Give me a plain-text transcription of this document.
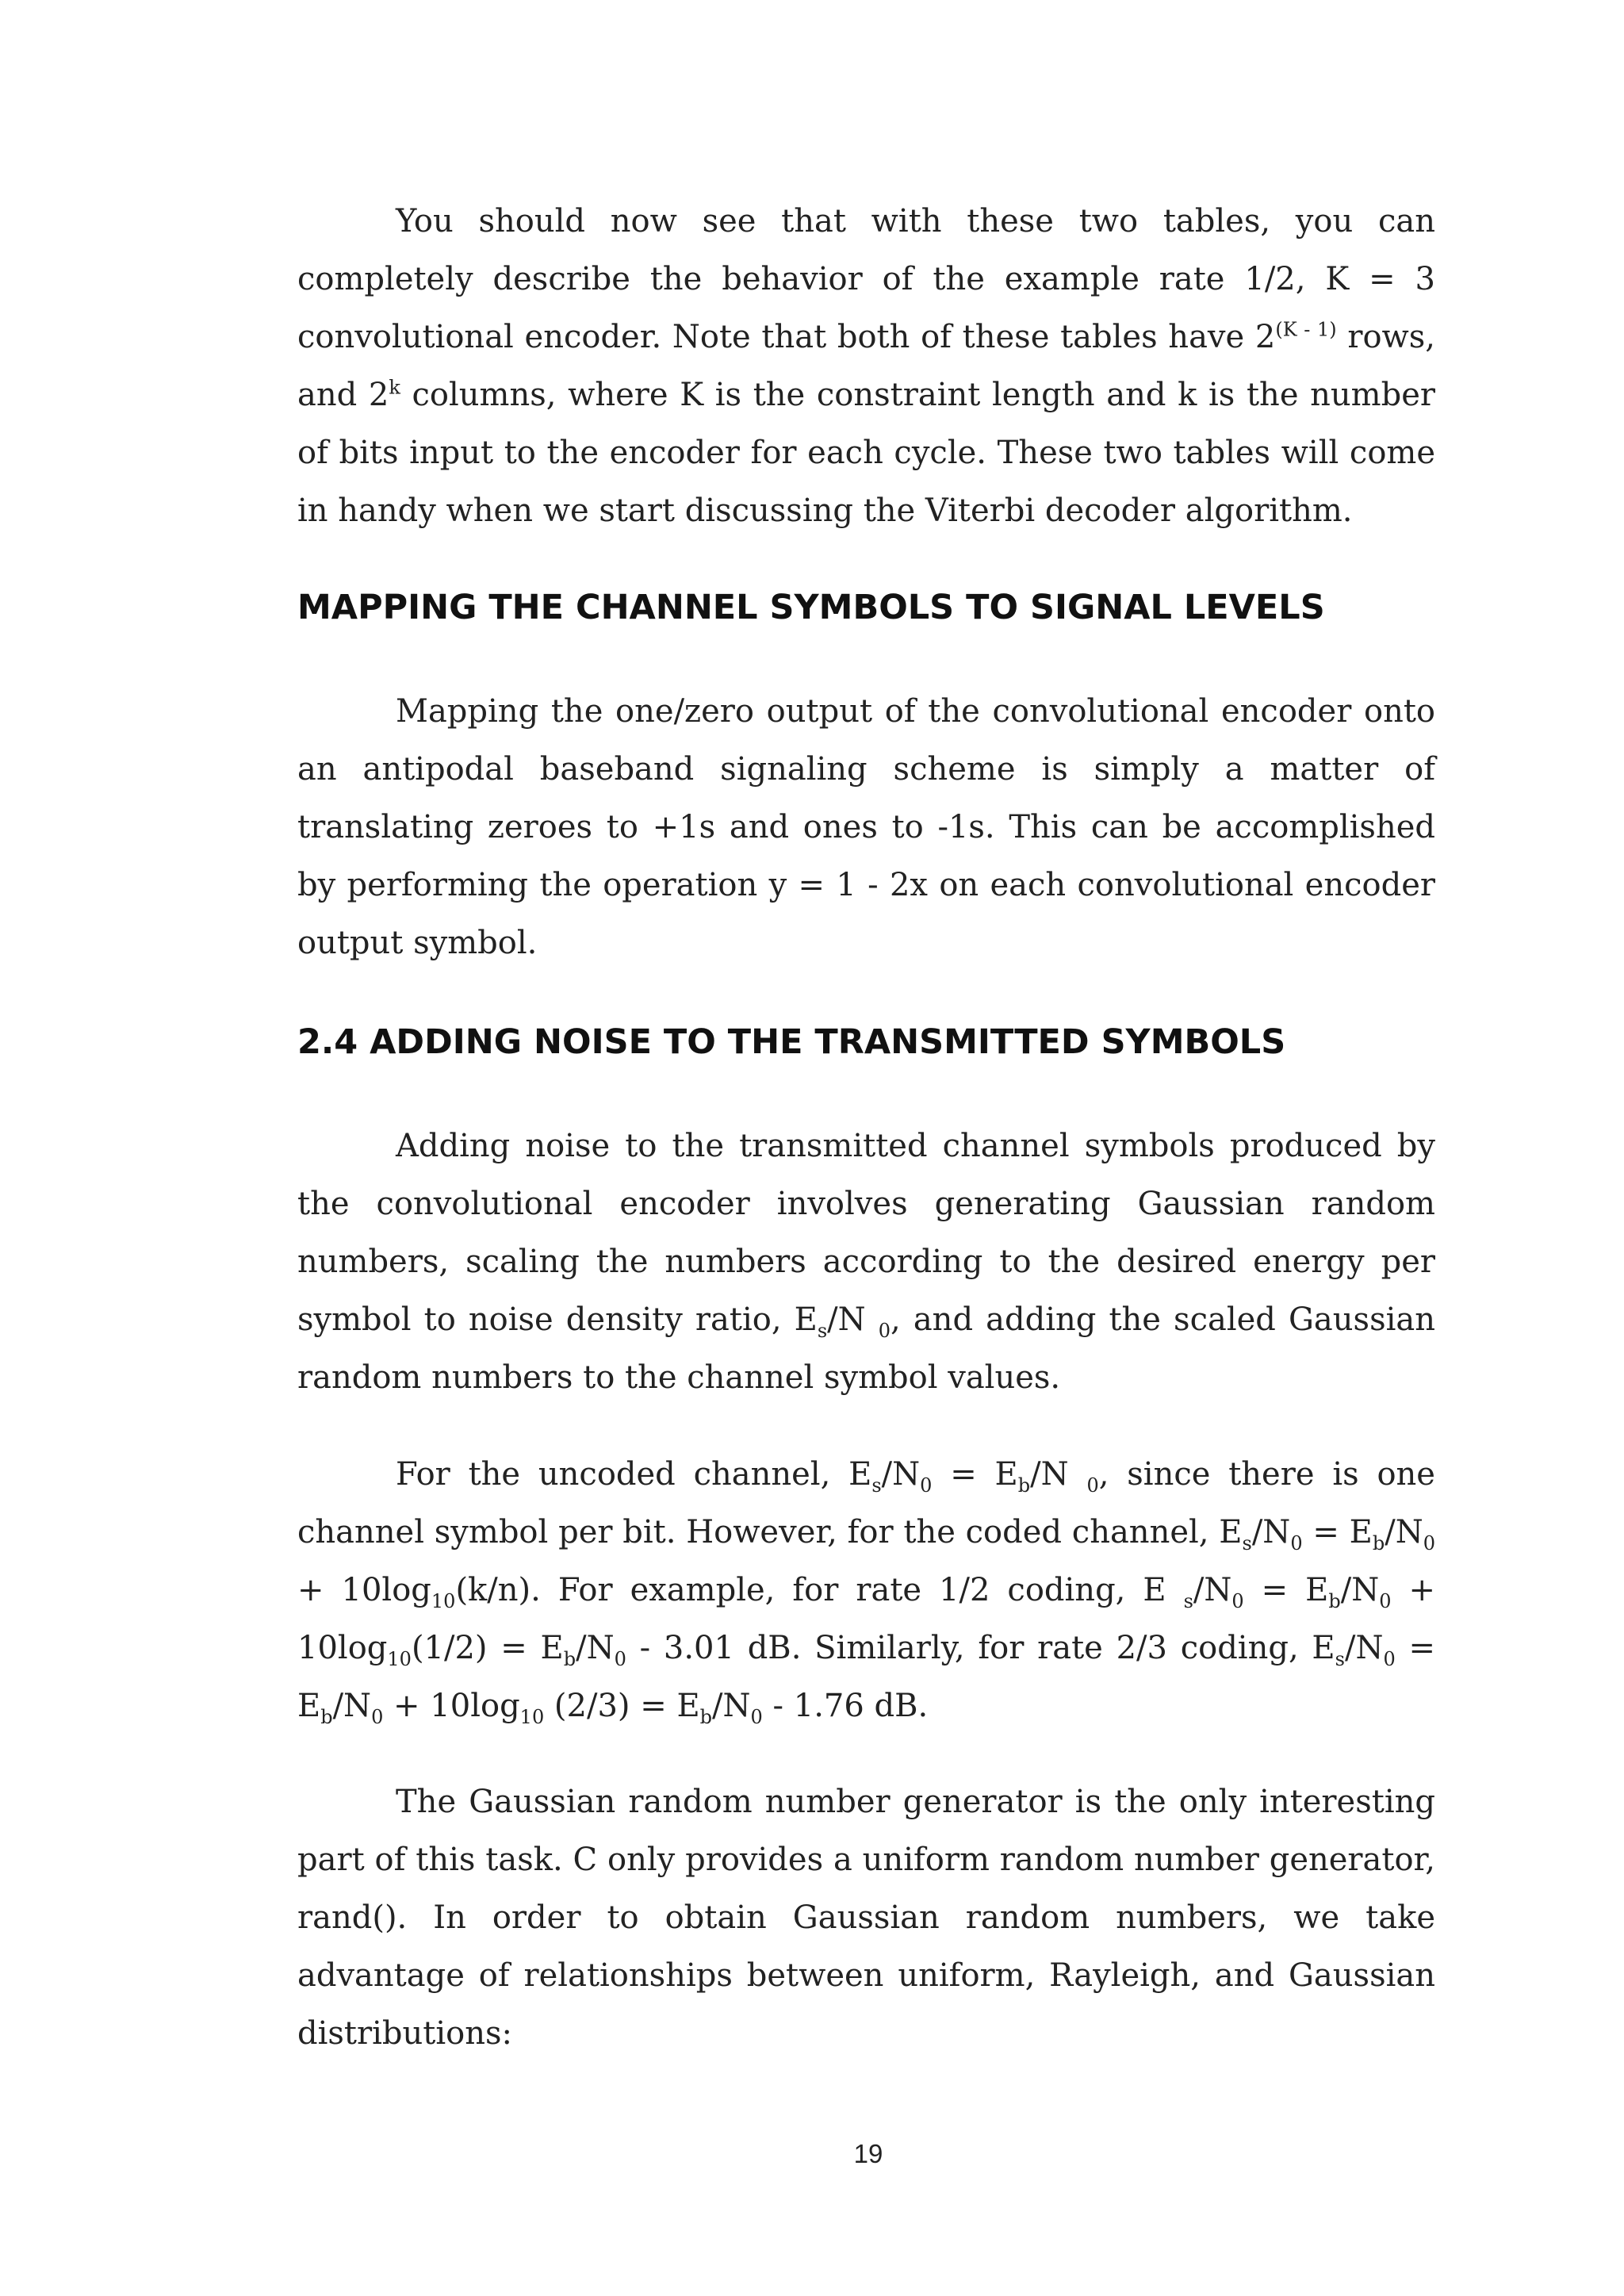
You should now see that with these two tables, you can completely describe the behavior of the example rate 1/2, K = 3 convolutional encoder. Note that both of these tables have $2^{(K - 1)}$ rows, and 2$^k$ columns, where K is the constraint length and k is the number of bits input to the encoder for each cycle. These two tables will come in handy when we start discussing the Viterbi decoder algorithm.

MAPPING THE CHANNEL SYMBOLS TO SIGNAL LEVELS

Mapping the one/zero output of the convolutional encoder onto an antipodal baseband signaling scheme is simply a matter of translating zeroes to +1s and ones to -1s. This can be accomplished by performing the operation y = 1 - 2x on each convolutional encoder output symbol.

2.4 ADDING NOISE TO THE TRANSMITTED SYMBOLS

Adding noise to the transmitted channel symbols produced by the convolutional encoder involves generating Gaussian random numbers, scaling the numbers according to the desired energy per symbol to noise density ratio, $E_s/N$ $_0$, and adding the scaled Gaussian random numbers to the channel symbol values.

For the uncoded channel, $E_s/N_0 = E_b/N$ $_0$, since there is one channel symbol per bit. However, for the coded channel, $E_s/N_0 = E_b/N_0 + 10\log_{10}(k/n)$. For example, for rate 1/2 coding, E $_s/N_0 = E_b/N_0 + 10\log_{10}(1/2) = E_b/N_0 - 3.01$ dB. Similarly, for rate 2/3 coding, $E_s/N_0 = E_b/N_0 + 10\log_{10}$ $(2/3) = E_b/N_0 - 1.76$ dB.

The Gaussian random number generator is the only interesting part of this task. C only provides a uniform random number generator, rand(). In order to obtain Gaussian random numbers, we take advantage of relationships between uniform, Rayleigh, and Gaussian distributions:

19
